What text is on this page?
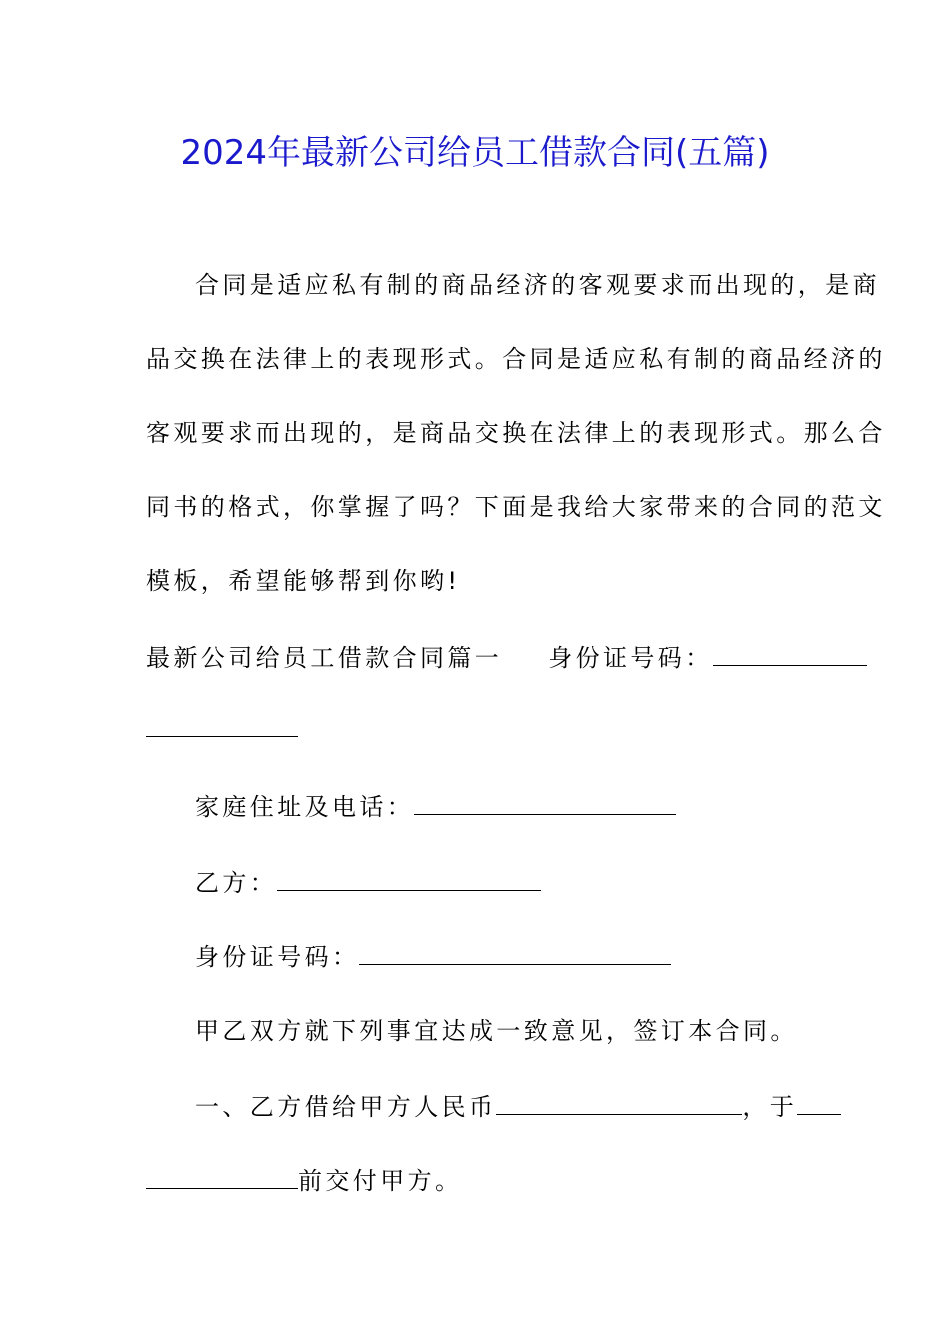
2024年最新公司给员工借款合同(五篇)
合同是适应私有制的商品经济的客观要求而出现的，是商
品交换在法律上的表现形式。合同是适应私有制的商品经济的
客观要求而出现的，是商品交换在法律上的表现形式。那么合
同书的格式，你掌握了吗？下面是我给大家带来的合同的范文
模板，希望能够帮到你哟!
最新公司给员工借款合同篇一 身份证号码：
家庭住址及电话：
乙方：
身份证号码：
甲乙双方就下列事宜达成一致意见，签订本合同。
一、乙方借给甲方人民币	，于
前交付甲方。
